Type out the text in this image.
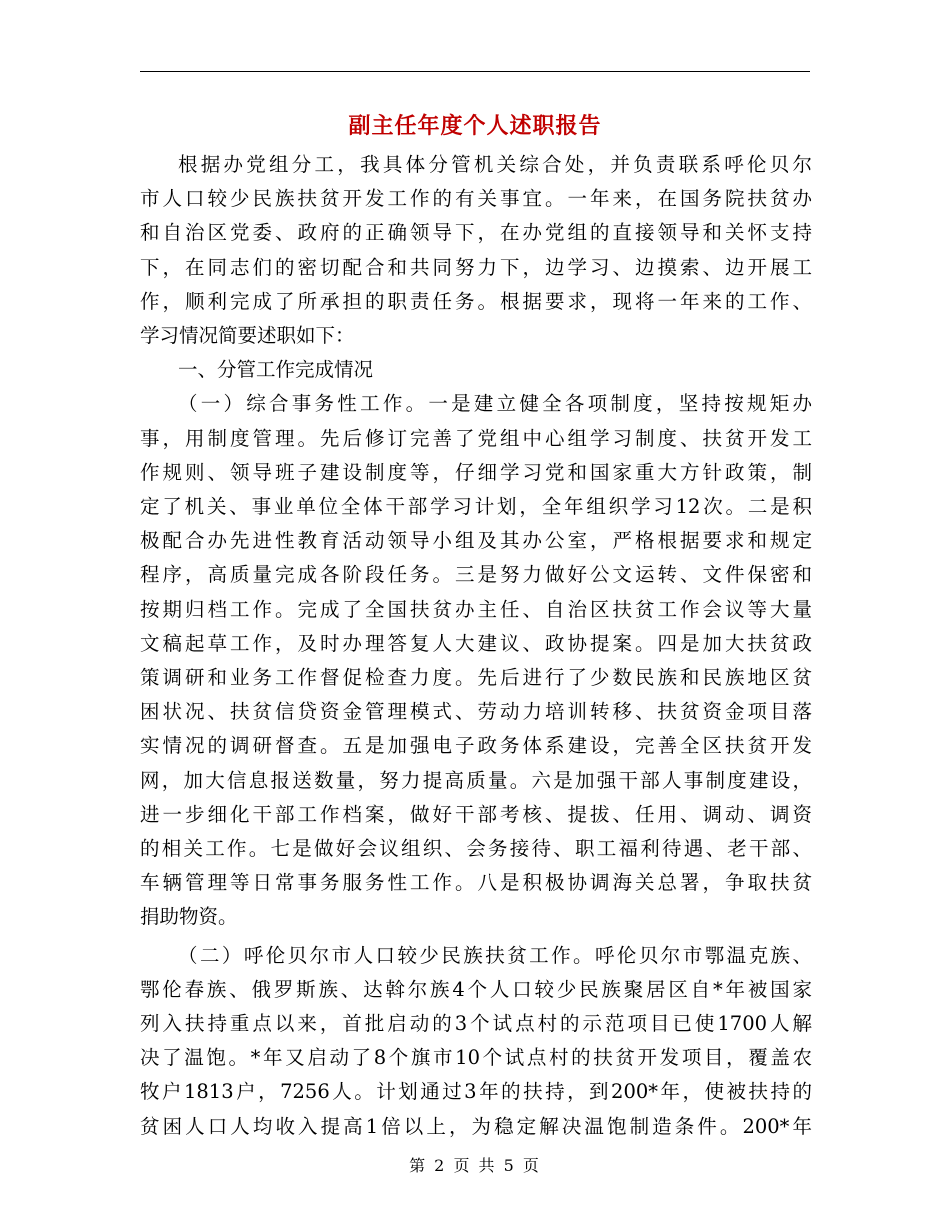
副主任年度个人述职报告
根据办党组分工，我具体分管机关综合处，并负责联系呼伦贝尔
市人口较少民族扶贫开发工作的有关事宜。一年来，在国务院扶贫办
和自治区党委、政府的正确领导下，在办党组的直接领导和关怀支持
下，在同志们的密切配合和共同努力下，边学习、边摸索、边开展工
作，顺利完成了所承担的职责任务。根据要求，现将一年来的工作、
学习情况简要述职如下：
一、分管工作完成情况
（一）综合事务性工作。一是建立健全各项制度，坚持按规矩办
事，用制度管理。先后修订完善了党组中心组学习制度、扶贫开发工
作规则、领导班子建设制度等，仔细学习党和国家重大方针政策，制
定了机关、事业单位全体干部学习计划，全年组织学习12次。二是积
极配合办先进性教育活动领导小组及其办公室，严格根据要求和规定
程序，高质量完成各阶段任务。三是努力做好公文运转、文件保密和
按期归档工作。完成了全国扶贫办主任、自治区扶贫工作会议等大量
文稿起草工作，及时办理答复人大建议、政协提案。四是加大扶贫政
策调研和业务工作督促检查力度。先后进行了少数民族和民族地区贫
困状况、扶贫信贷资金管理模式、劳动力培训转移、扶贫资金项目落
实情况的调研督查。五是加强电子政务体系建设，完善全区扶贫开发
网，加大信息报送数量，努力提高质量。六是加强干部人事制度建设，
进一步细化干部工作档案，做好干部考核、提拔、任用、调动、调资
的相关工作。七是做好会议组织、会务接待、职工福利待遇、老干部、
车辆管理等日常事务服务性工作。八是积极协调海关总署，争取扶贫
捐助物资。
（二）呼伦贝尔市人口较少民族扶贫工作。呼伦贝尔市鄂温克族、
鄂伦春族、俄罗斯族、达斡尔族4个人口较少民族聚居区自*年被国家
列入扶持重点以来，首批启动的3个试点村的示范项目已使1700人解
决了温饱。*年又启动了8个旗市10个试点村的扶贫开发项目，覆盖农
牧户1813户，7256人。计划通过3年的扶持，到200*年，使被扶持的
贫困人口人均收入提高1倍以上，为稳定解决温饱制造条件。200*年
第 2 页 共 5 页
